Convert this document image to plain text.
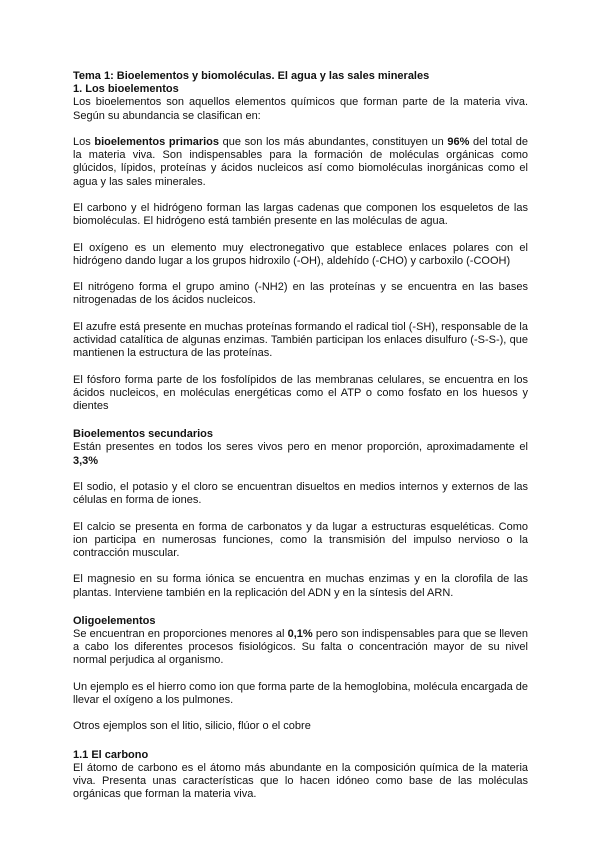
Tema 1: Bioelementos y biomoléculas. El agua y las sales minerales

1. Los bioelementos

Los bioelementos son aquellos elementos químicos que forman parte de la materia viva. Según su abundancia se clasifican en:

Los bioelementos primarios que son los más abundantes, constituyen un 96% del total de la materia viva. Son indispensables para la formación de moléculas orgánicas como glúcidos, lípidos, proteínas y ácidos nucleicos así como biomoléculas inorgánicas como el agua y las sales minerales.

El carbono y el hidrógeno forman las largas cadenas que componen los esqueletos de las biomoléculas. El hidrógeno está también presente en las moléculas de agua.

El oxígeno es un elemento muy electronegativo que establece enlaces polares con el hidrógeno dando lugar a los grupos hidroxilo (-OH), aldehído (-CHO) y carboxilo (-COOH)

El nitrógeno forma el grupo amino (-NH2) en las proteínas y se encuentra en las bases nitrogenadas de los ácidos nucleicos.

El azufre está presente en muchas proteínas formando el radical tiol (-SH), responsable de la actividad catalítica de algunas enzimas. También participan los enlaces disulfuro (-S-S-), que mantienen la estructura de las proteínas.

El fósforo forma parte de los fosfolípidos de las membranas celulares, se encuentra en los ácidos nucleicos, en moléculas energéticas como el ATP o como fosfato en los huesos y dientes

Bioelementos secundarios

Están presentes en todos los seres vivos pero en menor proporción, aproximadamente el 3,3%

El sodio, el potasio y el cloro se encuentran disueltos en medios internos y externos de las células en forma de iones.

El calcio se presenta en forma de carbonatos y da lugar a estructuras esqueléticas. Como ion participa en numerosas funciones, como la transmisión del impulso nervioso o la contracción muscular.

El magnesio en su forma iónica se encuentra en muchas enzimas y en la clorofila de las plantas. Interviene también en la replicación del ADN y en la síntesis del ARN.

Oligoelementos

Se encuentran en proporciones menores al 0,1% pero son indispensables para que se lleven a cabo los diferentes procesos fisiológicos. Su falta o concentración mayor de su nivel normal perjudica al organismo.

Un ejemplo es el hierro como ion que forma parte de la hemoglobina, molécula encargada de llevar el oxígeno a los pulmones.

Otros ejemplos son el litio, silicio, flúor o el cobre

1.1 El carbono

El átomo de carbono es el átomo más abundante en la composición química de la materia viva. Presenta unas características que lo hacen idóneo como base de las moléculas orgánicas que forman la materia viva.
